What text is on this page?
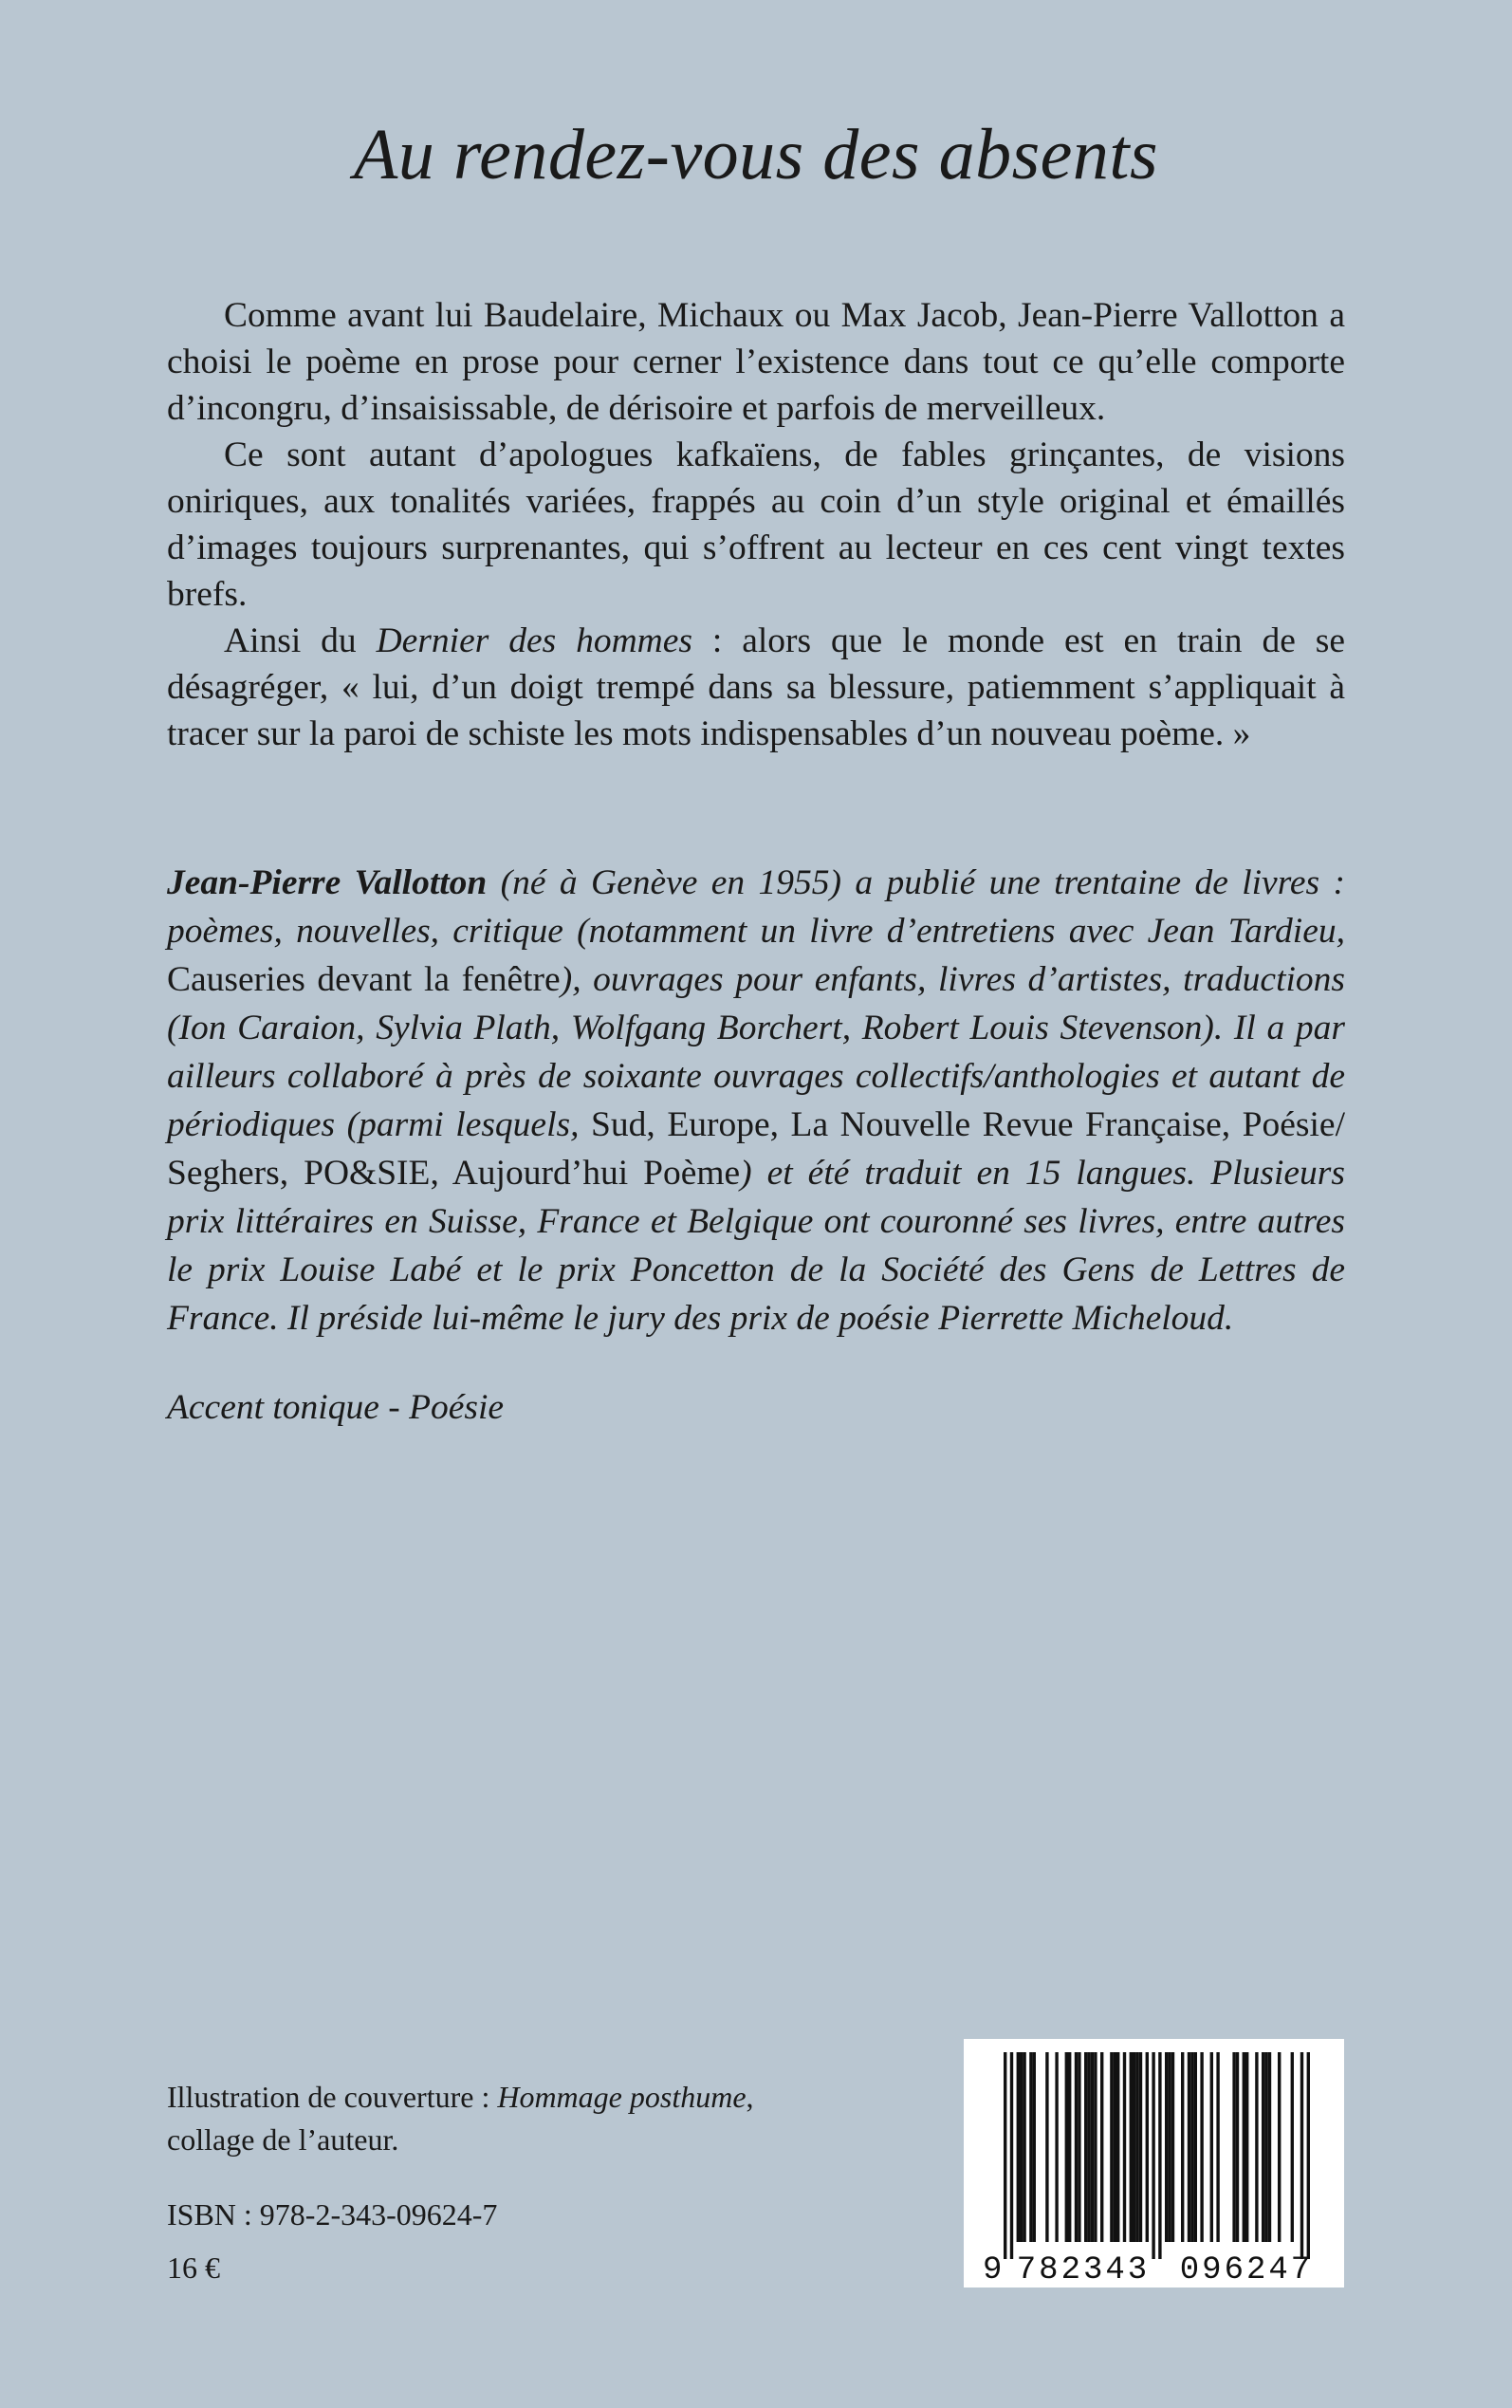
Au rendez-vous des absents

Comme avant lui Baudelaire, Michaux ou Max Jacob, Jean-Pierre Vallotton a choisi le poème en prose pour cerner l’existence dans tout ce qu’elle comporte d’incongru, d’insaisissable, de dérisoire et parfois de merveilleux.

Ce sont autant d’apologues kafkaïens, de fables grinçantes, de visions oniriques, aux tonalités variées, frappés au coin d’un style original et émaillés d’images toujours surprenantes, qui s’offrent au lecteur en ces cent vingt textes brefs.

Ainsi du Dernier des hommes : alors que le monde est en train de se désagréger, « lui, d’un doigt trempé dans sa blessure, patiemment s’appliquait à tracer sur la paroi de schiste les mots indispensables d’un nouveau poème. »

Jean-Pierre Vallotton (né à Genève en 1955) a publié une trentaine de livres : poèmes, nouvelles, critique (notamment un livre d’entretiens avec Jean Tardieu, Causeries devant la fenêtre), ouvrages pour enfants, livres d’artistes, traductions (Ion Caraion, Sylvia Plath, Wolfgang Borchert, Robert Louis Stevenson). Il a par ailleurs collaboré à près de soixante ouvrages collectifs/anthologies et autant de périodiques (parmi lesquels, Sud, Europe, La Nouvelle Revue Française, Poésie/ Seghers, PO&SIE, Aujourd’hui Poème) et été traduit en 15 langues. Plusieurs prix littéraires en Suisse, France et Belgique ont couronné ses livres, entre autres le prix Louise Labé et le prix Poncetton de la Société des Gens de Lettres de France. Il préside lui-même le jury des prix de poésie Pierrette Micheloud.

Accent tonique - Poésie

Illustration de couverture : Hommage posthume,
collage de l’auteur.

ISBN : 978-2-343-09624-7

16 €	9 782343 096247
